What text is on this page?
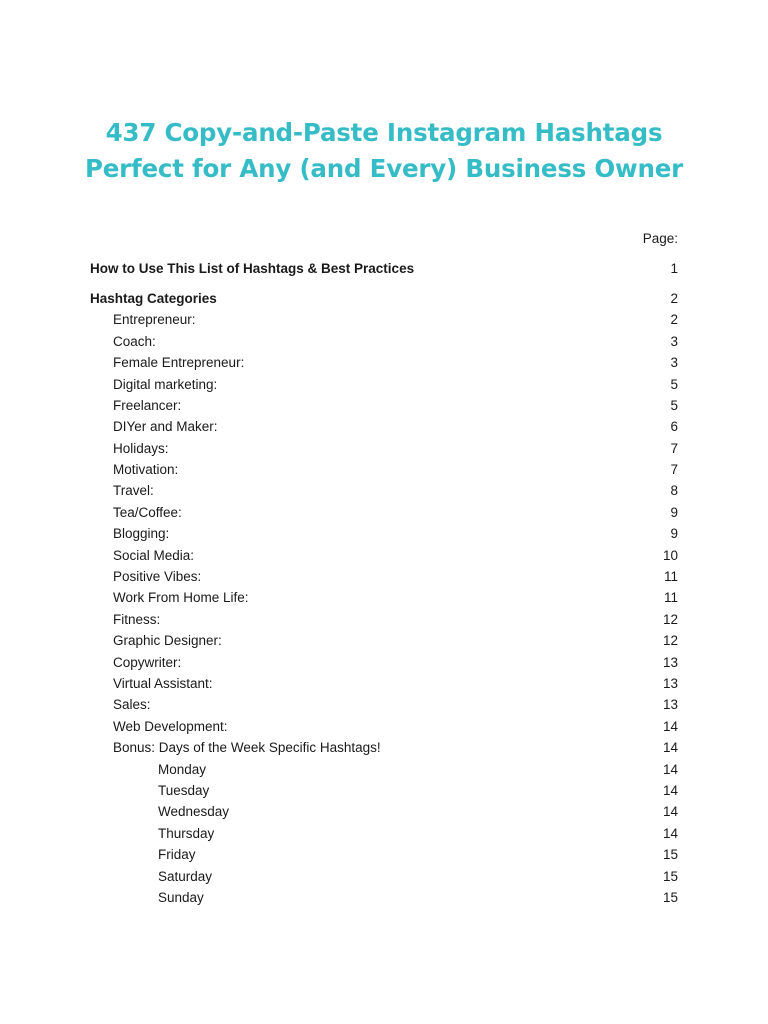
437 Copy-and-Paste Instagram Hashtags
Perfect for Any (and Every) Business Owner
Page:
How to Use This List of Hashtags & Best Practices	1
Hashtag Categories	2
Entrepreneur:	2
Coach:	3
Female Entrepreneur:	3
Digital marketing:	5
Freelancer:	5
DIYer and Maker:	6
Holidays:	7
Motivation:	7
Travel:	8
Tea/Coffee:	9
Blogging:	9
Social Media:	10
Positive Vibes:	11
Work From Home Life:	11
Fitness:	12
Graphic Designer:	12
Copywriter:	13
Virtual Assistant:	13
Sales:	13
Web Development:	14
Bonus: Days of the Week Specific Hashtags!	14
Monday	14
Tuesday	14
Wednesday	14
Thursday	14
Friday	15
Saturday	15
Sunday	15
